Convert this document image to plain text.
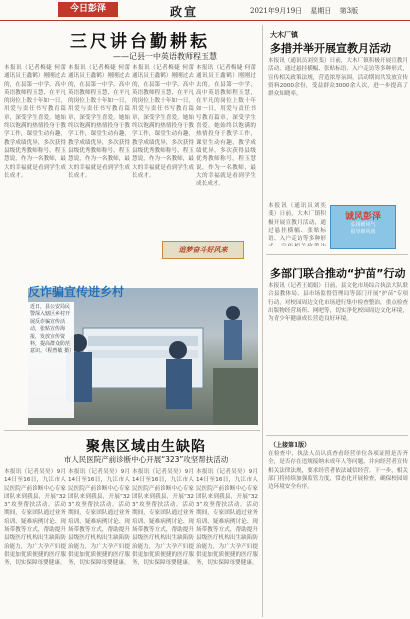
今日彭泽	政宣	2021年9月19日 星期日 第3版
三尺讲台勤耕耘
——记县一中英语教师程玉慧
本报讯（记者梅婕 何蕾 通讯员王鑫鹤）刚刚过去的，在县第一中学，高中英语教师程玉慧，在平凡的岗位上数十年如一日，用爱与责任书写教育篇章，深受学生喜爱。她始终以饱满的热情投身于教学工作，课堂生动有趣，教学成绩优异，多次获得县级优秀教师称号。程玉慧说，作为一名教师，最大的幸福就是看到学生成长成才。
本报讯（记者梅婕 何蕾 通讯员王鑫鹤）刚刚过去的，在县第一中学，高中英语教师程玉慧，在平凡的岗位上数十年如一日，用爱与责任书写教育篇章，深受学生喜爱。她始终以饱满的热情投身于教学工作，课堂生动有趣，教学成绩优异，多次获得县级优秀教师称号。程玉慧说，作为一名教师，最大的幸福就是看到学生成长成才。
本报讯（记者梅婕 何蕾 通讯员王鑫鹤）刚刚过去的，在县第一中学，高中英语教师程玉慧，在平凡的岗位上数十年如一日，用爱与责任书写教育篇章，深受学生喜爱。她始终以饱满的热情投身于教学工作，课堂生动有趣，教学成绩优异，多次获得县级优秀教师称号。程玉慧说，作为一名教师，最大的幸福就是看到学生成长成才。
本报讯（记者梅婕 何蕾 通讯员王鑫鹤）刚刚过去的，在县第一中学，高中英语教师程玉慧，在平凡的岗位上数十年如一日，用爱与责任书写教育篇章，深受学生喜爱。她始终以饱满的热情投身于教学工作，课堂生动有趣，教学成绩优异，多次获得县级优秀教师称号。程玉慧说，作为一名教师，最大的幸福就是看到学生成长成才。
追梦奋斗好风来
反诈骗宣传进乡村
近日，县公安局民警深入辖区乡村开展反诈骗宣传活动，张贴宣传海报，发放宣传资料，提高群众防范意识。（程曾敏 摄）
聚焦区域由生缺陷
市人民医院产前诊断中心开展“323”攻坚帮扶活动
本报讯（记者吴昊）9月14日至16日，九江市人民医院产前诊断中心专家团队来到我县，开展“323”攻坚帮扶活动。活动期间，专家团队通过业务培训、疑难病例讨论、现场带教等方式，帮助提升县级医疗机构出生缺陷防治能力，为广大孕产妇提供更加优质便捷的医疗服务，切实保障母婴健康。
本报讯（记者吴昊）9月14日至16日，九江市人民医院产前诊断中心专家团队来到我县，开展“323”攻坚帮扶活动。活动期间，专家团队通过业务培训、疑难病例讨论、现场带教等方式，帮助提升县级医疗机构出生缺陷防治能力，为广大孕产妇提供更加优质便捷的医疗服务，切实保障母婴健康。
本报讯（记者吴昊）9月14日至16日，九江市人民医院产前诊断中心专家团队来到我县，开展“323”攻坚帮扶活动。活动期间，专家团队通过业务培训、疑难病例讨论、现场带教等方式，帮助提升县级医疗机构出生缺陷防治能力，为广大孕产妇提供更加优质便捷的医疗服务，切实保障母婴健康。
本报讯（记者吴昊）9月14日至16日，九江市人民医院产前诊断中心专家团队来到我县，开展“323”攻坚帮扶活动。活动期间，专家团队通过业务培训、疑难病例讨论、现场带教等方式，帮助提升县级医疗机构出生缺陷防治能力，为广大孕产妇提供更加优质便捷的医疗服务，切实保障母婴健康。
大木厂镇
多措并举开展宣教月活动
本报讯（通讯员刘奕斐）日前，大木厂镇积极开展宣教月活动，通过悬挂横幅、张贴标语、入户走访等多种形式，宣传相关政策法规，营造浓厚氛围。活动期间共发放宣传资料2000余份，受益群众3000余人次，进一步提高了群众知晓率。
本报讯（通讯员刘奕斐）日前，大木厂镇积极开展宣教月活动，通过悬挂横幅、张贴标语、入户走访等多种形
诚风彭泽
弘扬新风气
倡导新风尚
多部门联合推动“护苗”行动
本报讯（记者王娟娟）日前，县文化市场综合执法大队联合县教体局、县市场监督管理局等部门开展“护苗”专项行动，对校园周边文化市场进行集中检查整治，重点检查出版物经营场所、网吧等，切实净化校园周边文化环境，为青少年健康成长营造良好环境。
（上接第1版）
在检查中，执法人员认真查看经营单位各项证照是否齐全，是否存在违规接纳未成年人等问题，并向经营者宣传相关法律法规，要求经营者依法诚信经营。下一步，相关部门将持续加强监管力度，常态化开展检查，确保校园周边环境安全有序。
